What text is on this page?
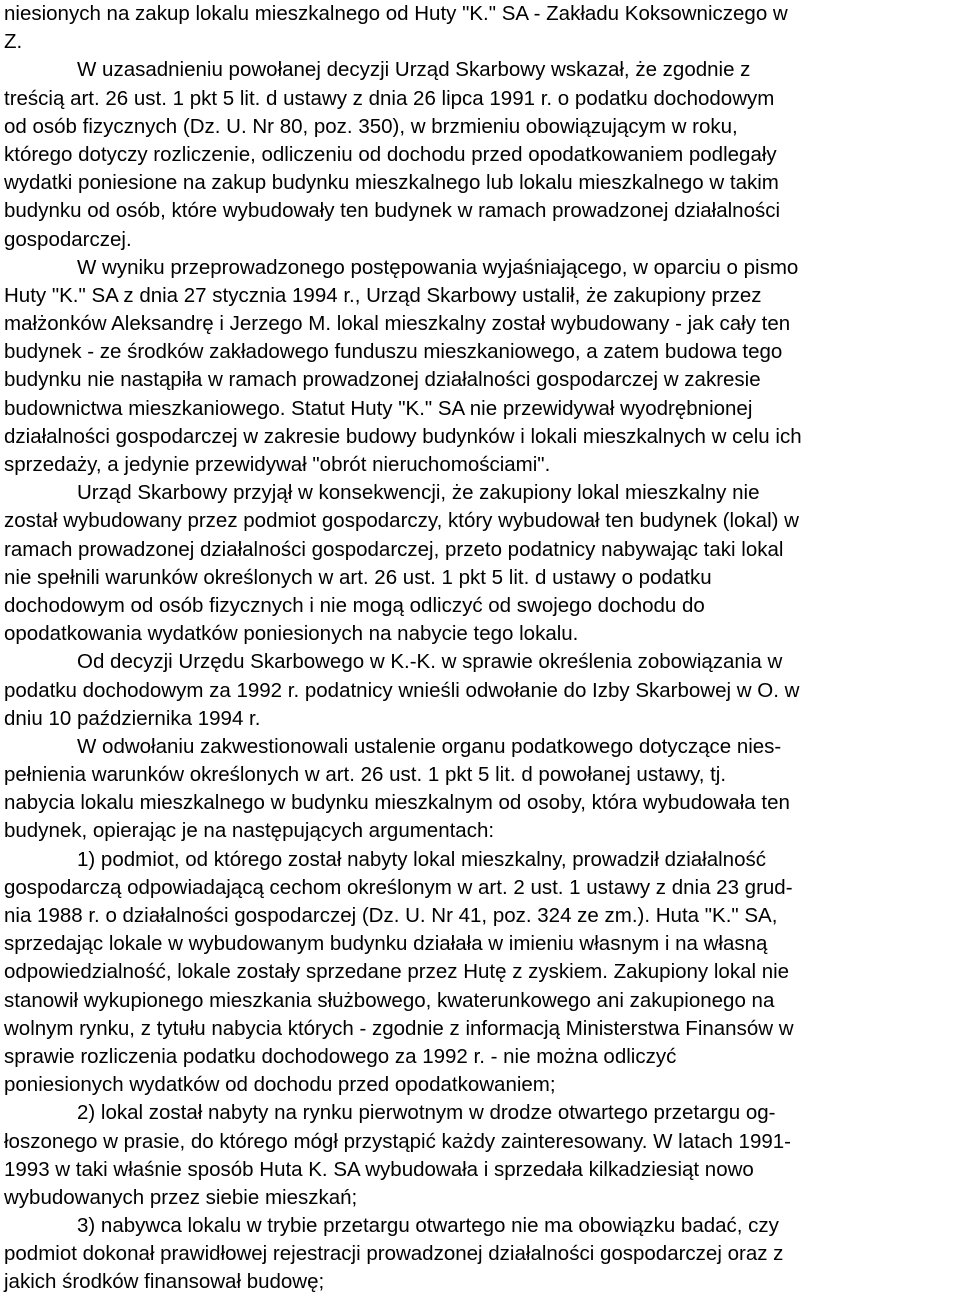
niesionych na zakup lokalu mieszkalnego od Huty "K." SA - Zakładu Koksowniczego w
Z.
W uzasadnieniu powołanej decyzji Urząd Skarbowy wskazał, że zgodnie z
treścią art. 26 ust. 1 pkt 5 lit. d ustawy z dnia 26 lipca 1991 r. o podatku dochodowym
od osób fizycznych (Dz. U. Nr 80, poz. 350), w brzmieniu obowiązującym w roku,
którego dotyczy rozliczenie, odliczeniu od dochodu przed opodatkowaniem podlegały
wydatki poniesione na zakup budynku mieszkalnego lub lokalu mieszkalnego w takim
budynku od osób, które wybudowały ten budynek w ramach prowadzonej działalności
gospodarczej.
W wyniku przeprowadzonego postępowania wyjaśniającego, w oparciu o pismo
Huty "K." SA z dnia 27 stycznia 1994 r., Urząd Skarbowy ustalił, że zakupiony przez
małżonków Aleksandrę i Jerzego M. lokal mieszkalny został wybudowany - jak cały ten
budynek - ze środków zakładowego funduszu mieszkaniowego, a zatem budowa tego
budynku nie nastąpiła w ramach prowadzonej działalności gospodarczej w zakresie
budownictwa mieszkaniowego. Statut Huty "K." SA nie przewidywał wyodrębnionej
działalności gospodarczej w zakresie budowy budynków i lokali mieszkalnych w celu ich
sprzedaży, a jedynie przewidywał "obrót nieruchomościami".
Urząd Skarbowy przyjął w konsekwencji, że zakupiony lokal mieszkalny nie
został wybudowany przez podmiot gospodarczy, który wybudował ten budynek (lokal) w
ramach prowadzonej działalności gospodarczej, przeto podatnicy nabywając taki lokal
nie spełnili warunków określonych w art. 26 ust. 1 pkt 5 lit. d ustawy o podatku
dochodowym od osób fizycznych i nie mogą odliczyć od swojego dochodu do
opodatkowania wydatków poniesionych na nabycie tego lokalu.
Od decyzji Urzędu Skarbowego w K.-K. w sprawie określenia zobowiązania w
podatku dochodowym za 1992 r. podatnicy wnieśli odwołanie do Izby Skarbowej w O. w
dniu 10 października 1994 r.
W odwołaniu zakwestionowali ustalenie organu podatkowego dotyczące nies-
pełnienia warunków określonych w art. 26 ust. 1 pkt 5 lit. d powołanej ustawy, tj.
nabycia lokalu mieszkalnego w budynku mieszkalnym od osoby, która wybudowała ten
budynek, opierając je na następujących argumentach:
1) podmiot, od którego został nabyty lokal mieszkalny, prowadził działalność
gospodarczą odpowiadającą cechom określonym w art. 2 ust. 1 ustawy z dnia 23 grud-
nia 1988 r. o działalności gospodarczej (Dz. U. Nr 41, poz. 324 ze zm.). Huta "K." SA,
sprzedając lokale w wybudowanym budynku działała w imieniu własnym i na własną
odpowiedzialność, lokale zostały sprzedane przez Hutę z zyskiem. Zakupiony lokal nie
stanowił wykupionego mieszkania służbowego, kwaterunkowego ani zakupionego na
wolnym rynku, z tytułu nabycia których - zgodnie z informacją Ministerstwa Finansów w
sprawie rozliczenia podatku dochodowego za 1992 r. - nie można odliczyć
poniesionych wydatków od dochodu przed opodatkowaniem;
2) lokal został nabyty na rynku pierwotnym w drodze otwartego przetargu og-
łoszonego w prasie, do którego mógł przystąpić każdy zainteresowany. W latach 1991-
1993 w taki właśnie sposób Huta K. SA wybudowała i sprzedała kilkadziesiąt nowo
wybudowanych przez siebie mieszkań;
3) nabywca lokalu w trybie przetargu otwartego nie ma obowiązku badać, czy
podmiot dokonał prawidłowej rejestracji prowadzonej działalności gospodarczej oraz z
jakich środków finansował budowę;
